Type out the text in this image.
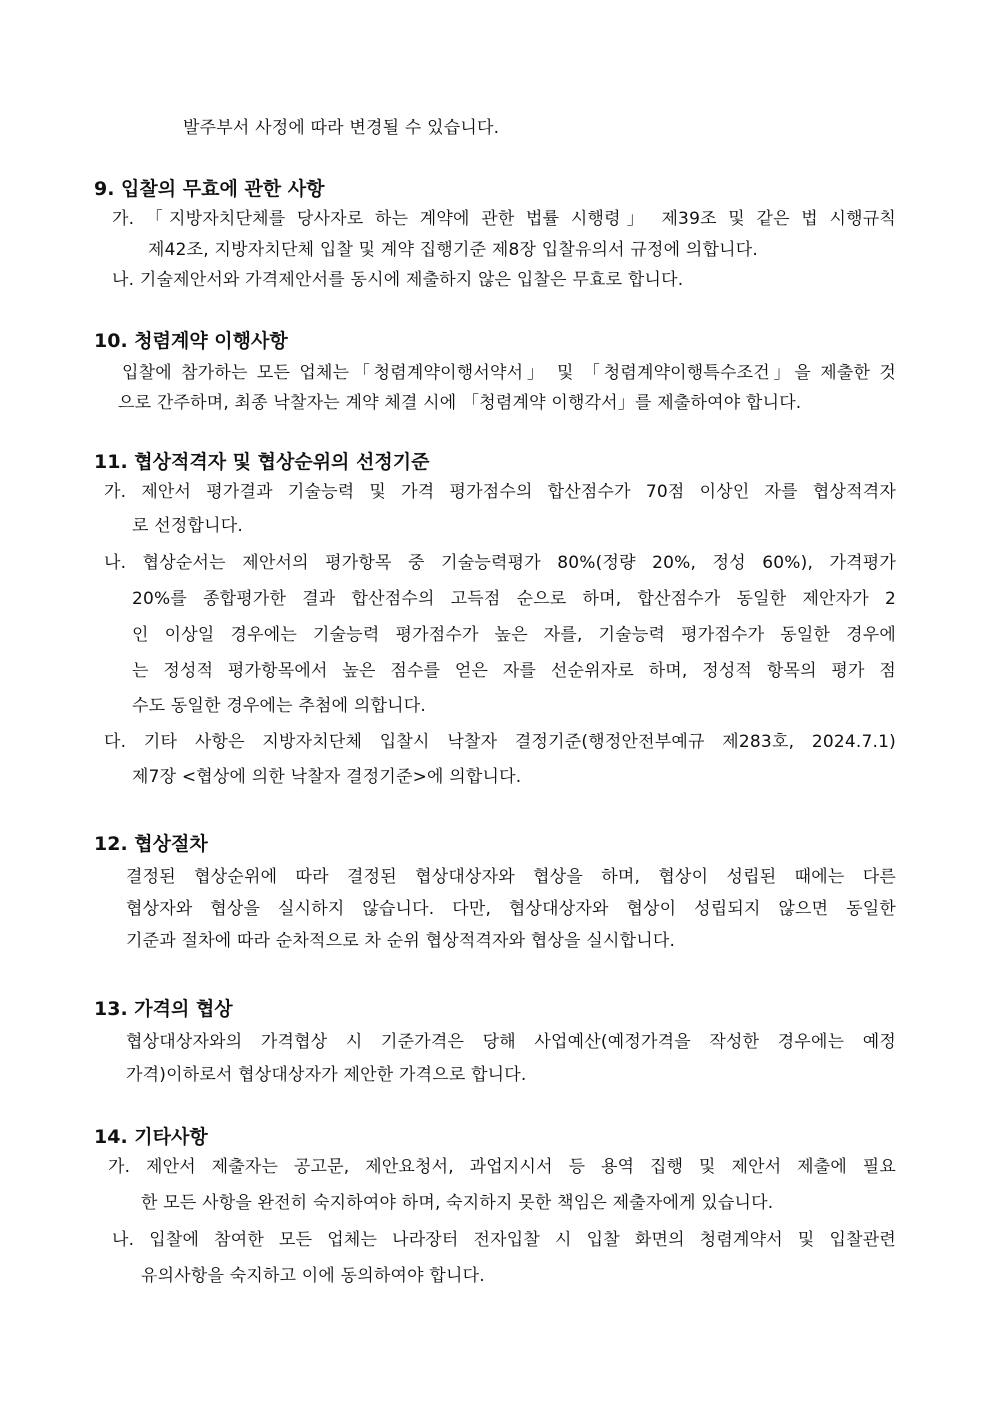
발주부서 사정에 따라 변경될 수 있습니다.
9. 입찰의 무효에 관한 사항
가. 「지방자치단체를 당사자로 하는 계약에 관한 법률 시행령」 제39조 및 같은 법 시행규칙
제42조, 지방자치단체 입찰 및 계약 집행기준 제8장 입찰유의서 규정에 의합니다.
나. 기술제안서와 가격제안서를 동시에 제출하지 않은 입찰은 무효로 합니다.
10. 청렴계약 이행사항
입찰에 참가하는 모든 업체는「청렴계약이행서약서」 및 「청렴계약이행특수조건」을 제출한 것
으로 간주하며, 최종 낙찰자는 계약 체결 시에 「청렴계약 이행각서」를 제출하여야 합니다.
11. 협상적격자 및 협상순위의 선정기준
가. 제안서 평가결과 기술능력 및 가격 평가점수의 합산점수가 70점 이상인 자를 협상적격자
로 선정합니다.
나. 협상순서는 제안서의 평가항목 중 기술능력평가 80%(정량 20%, 정성 60%), 가격평가
20%를 종합평가한 결과 합산점수의 고득점 순으로 하며, 합산점수가 동일한 제안자가 2
인 이상일 경우에는 기술능력 평가점수가 높은 자를, 기술능력 평가점수가 동일한 경우에
는 정성적 평가항목에서 높은 점수를 얻은 자를 선순위자로 하며, 정성적 항목의 평가 점
수도 동일한 경우에는 추첨에 의합니다.
다. 기타 사항은 지방자치단체 입찰시 낙찰자 결정기준(행정안전부예규 제283호, 2024.7.1)
제7장 <협상에 의한 낙찰자 결정기준>에 의합니다.
12. 협상절차
결정된 협상순위에 따라 결정된 협상대상자와 협상을 하며, 협상이 성립된 때에는 다른
협상자와 협상을 실시하지 않습니다. 다만, 협상대상자와 협상이 성립되지 않으면 동일한
기준과 절차에 따라 순차적으로 차 순위 협상적격자와 협상을 실시합니다.
13. 가격의 협상
협상대상자와의 가격협상 시 기준가격은 당해 사업예산(예정가격을 작성한 경우에는 예정
가격)이하로서 협상대상자가 제안한 가격으로 합니다.
14. 기타사항
가. 제안서 제출자는 공고문, 제안요청서, 과업지시서 등 용역 집행 및 제안서 제출에 필요
한 모든 사항을 완전히 숙지하여야 하며, 숙지하지 못한 책임은 제출자에게 있습니다.
나. 입찰에 참여한 모든 업체는 나라장터 전자입찰 시 입찰 화면의 청렴계약서 및 입찰관련
유의사항을 숙지하고 이에 동의하여야 합니다.
